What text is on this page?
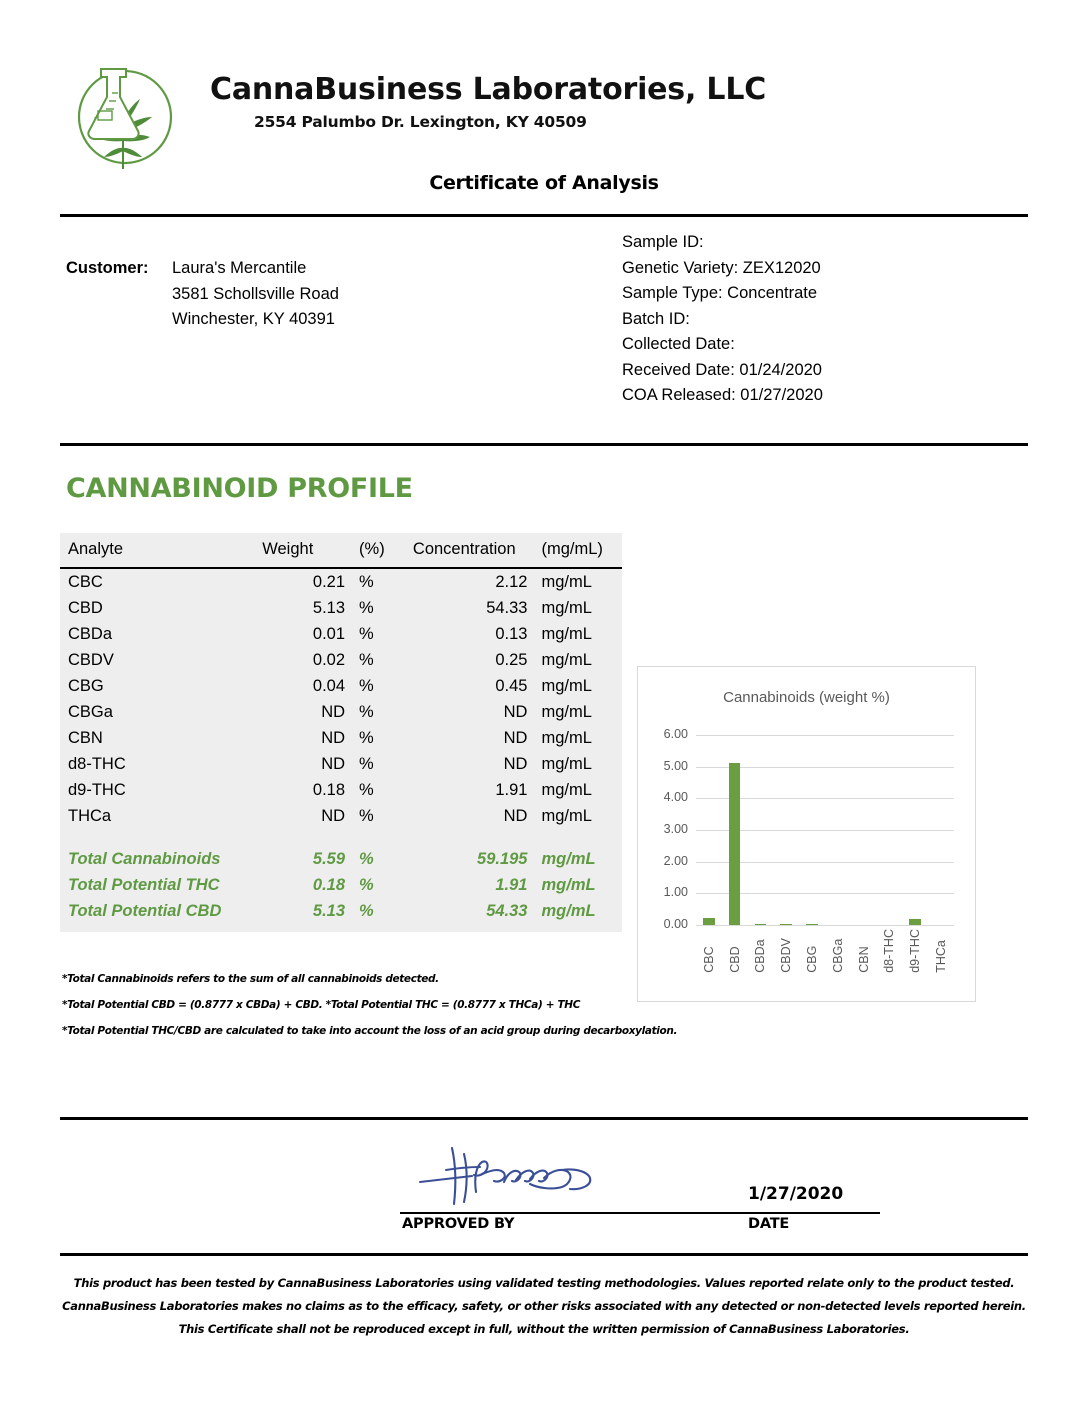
CannaBusiness Laboratories, LLC
2554 Palumbo Dr. Lexington, KY 40509
Certificate of Analysis
Customer: Laura's Mercantile
3581 Schollsville Road
Winchester, KY 40391
Sample ID:
Genetic Variety: ZEX12020
Sample Type: Concentrate
Batch ID:
Collected Date:
Received Date: 01/24/2020
COA Released: 01/27/2020
CANNABINOID PROFILE
Analyte	Weight	(%)	Concentration	(mg/mL)
CBC	0.21	%	2.12	mg/mL
CBD	5.13	%	54.33	mg/mL
CBDa	0.01	%	0.13	mg/mL
CBDV	0.02	%	0.25	mg/mL
CBG	0.04	%	0.45	mg/mL
CBGa	ND	%	ND	mg/mL
CBN	ND	%	ND	mg/mL
d8-THC	ND	%	ND	mg/mL
d9-THC	0.18	%	1.91	mg/mL
THCa	ND	%	ND	mg/mL

Total Cannabinoids	5.59	%	59.195	mg/mL
Total Potential THC	0.18	%	1.91	mg/mL
Total Potential CBD	5.13	%	54.33	mg/mL
*Total Cannabinoids refers to the sum of all cannabinoids detected.
*Total Potential CBD = (0.8777 x CBDa) + CBD. *Total Potential THC = (0.8777 x THCa) + THC
*Total Potential THC/CBD are calculated to take into account the loss of an acid group during decarboxylation.
Cannabinoids (weight %)
0.00
1.00
2.00
3.00
4.00
5.00
6.00
CBC CBD CBDa CBDV CBG CBGa CBN d8-THC d9-THC THCa
1/27/2020
APPROVED BY	DATE
This product has been tested by CannaBusiness Laboratories using validated testing methodologies. Values reported relate only to the product tested.
CannaBusiness Laboratories makes no claims as to the efficacy, safety, or other risks associated with any detected or non-detected levels reported herein.
This Certificate shall not be reproduced except in full, without the written permission of CannaBusiness Laboratories.
